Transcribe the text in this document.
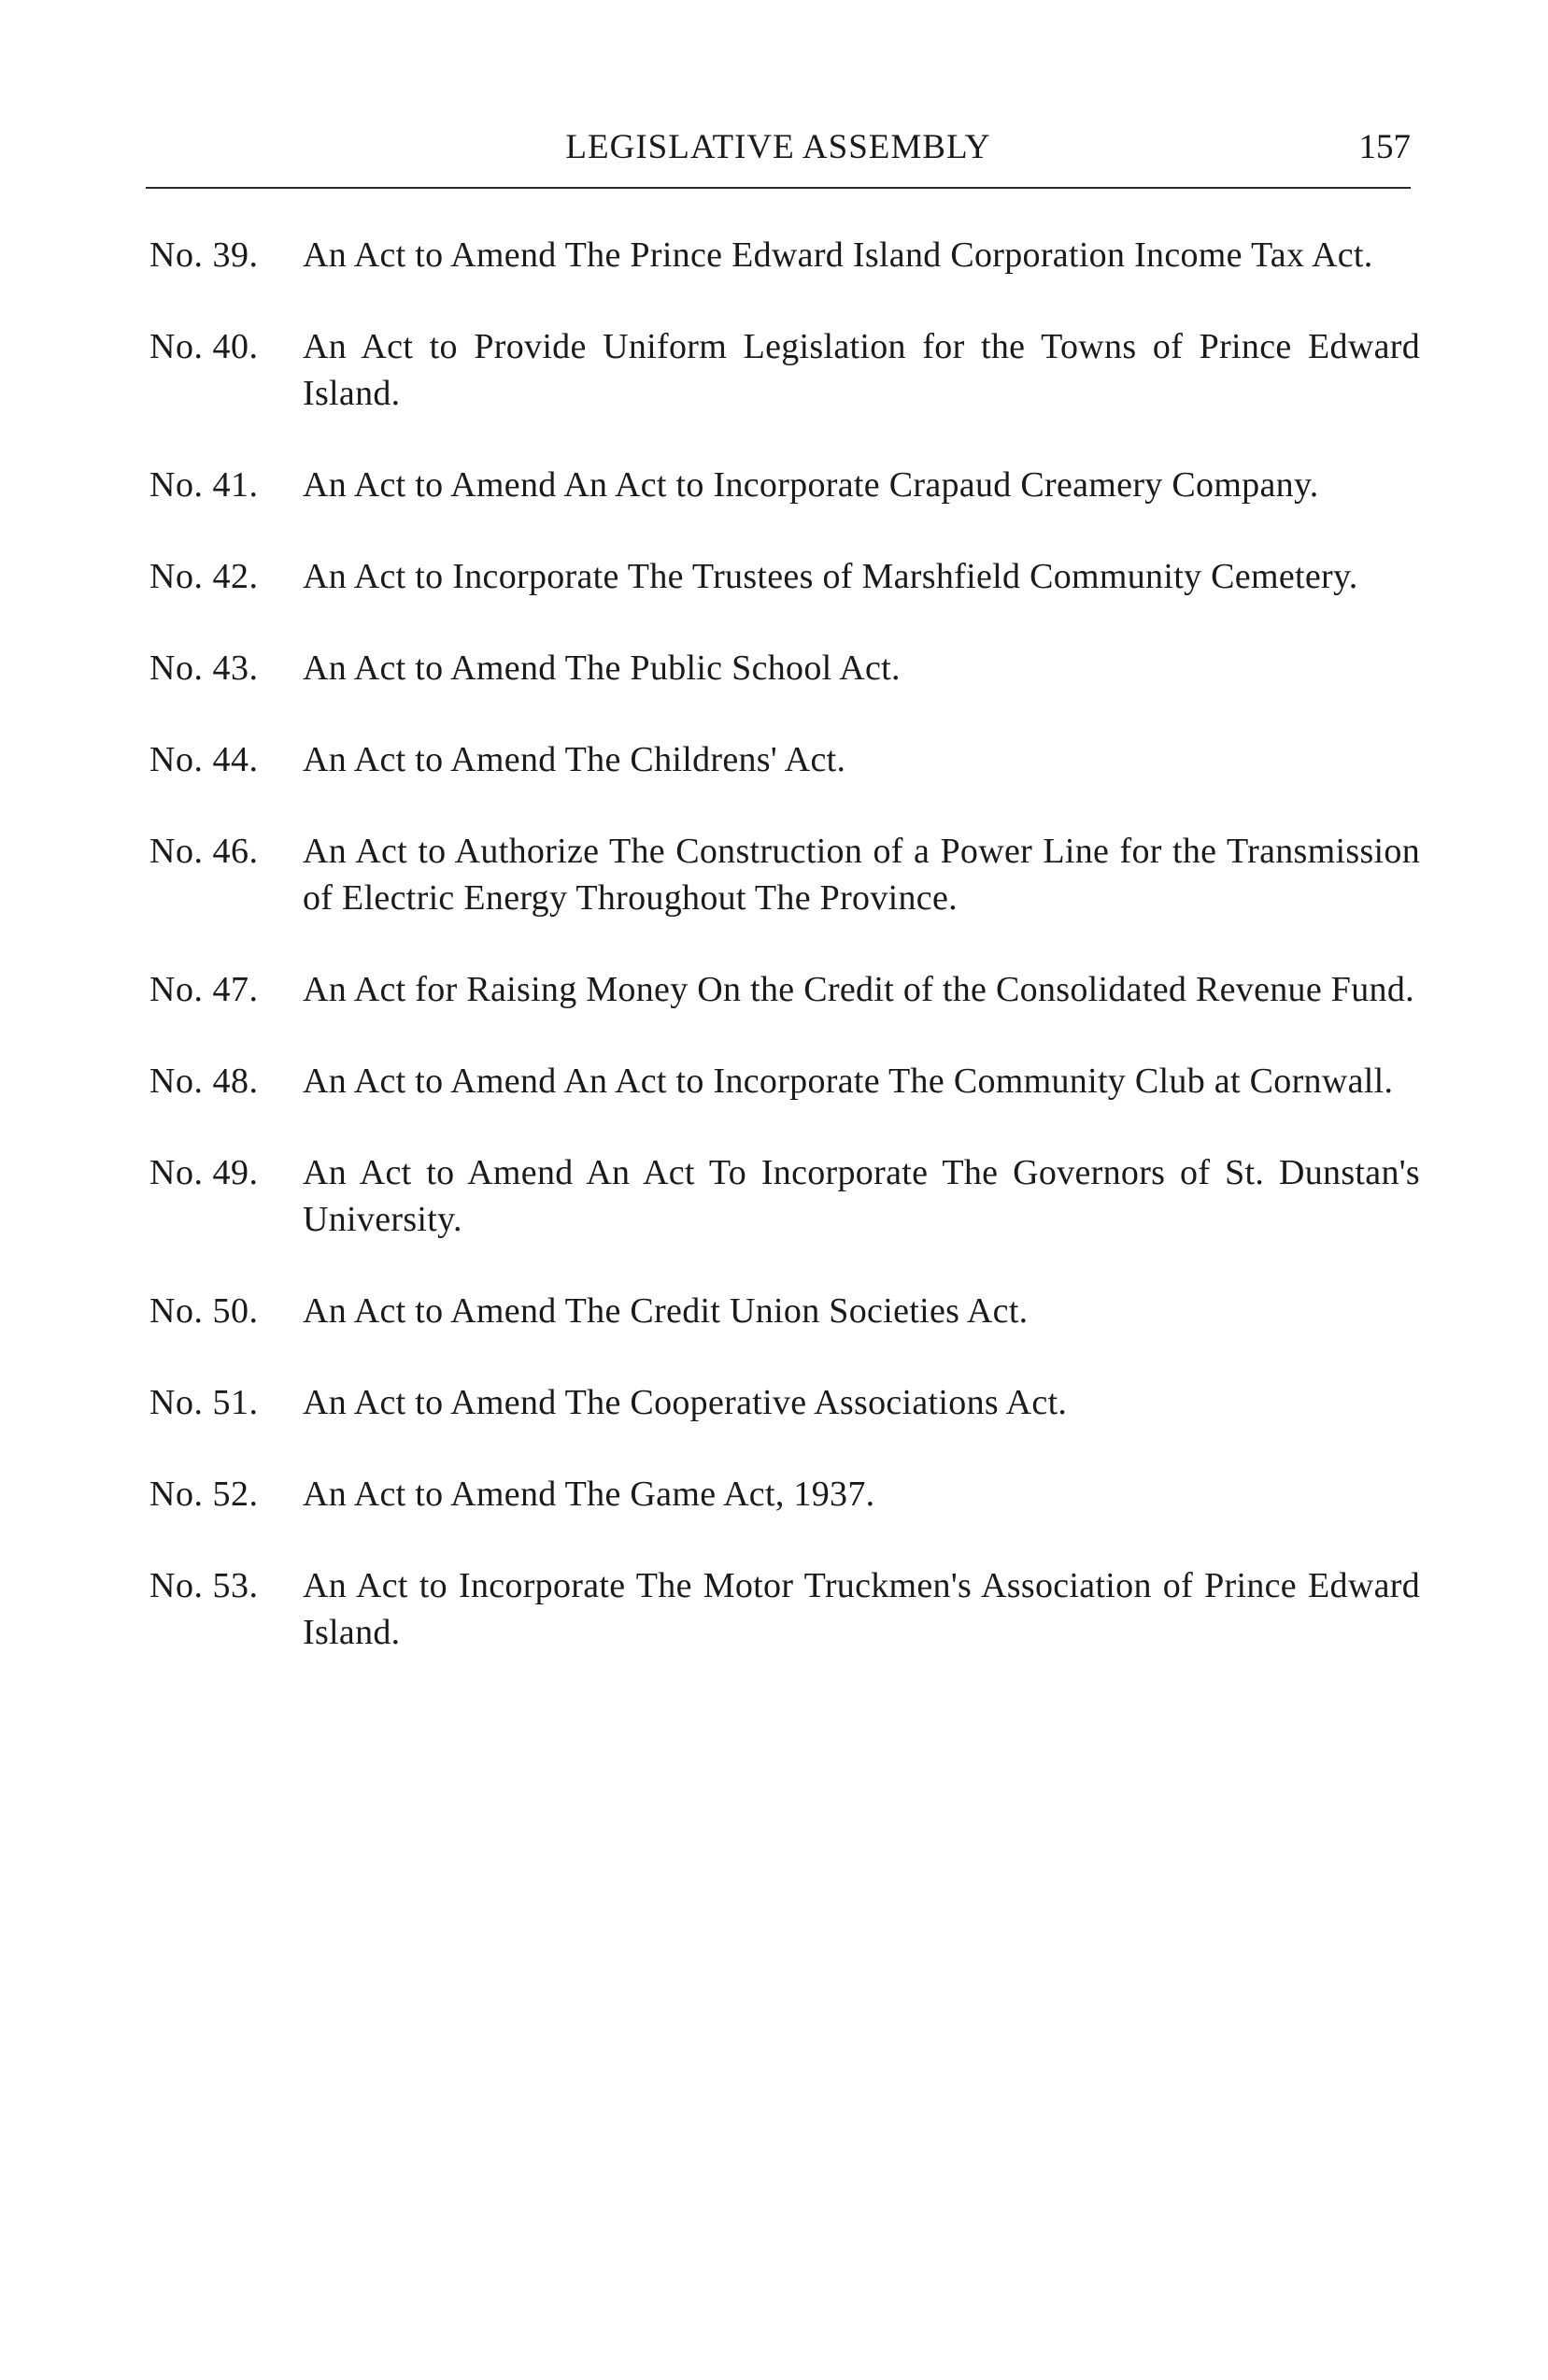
LEGISLATIVE ASSEMBLY	157
No. 39.	An Act to Amend The Prince Edward Island Corporation Income Tax Act.
No. 40.	An Act to Provide Uniform Legislation for the Towns of Prince Edward Island.
No. 41.	An Act to Amend An Act to Incorporate Crapaud Creamery Company.
No. 42.	An Act to Incorporate The Trustees of Marshfield Community Cemetery.
No. 43.	An Act to Amend The Public School Act.
No. 44.	An Act to Amend The Childrens' Act.
No. 46.	An Act to Authorize The Construction of a Power Line for the Transmission of Electric Energy Throughout The Province.
No. 47.	An Act for Raising Money On the Credit of the Consolidated Revenue Fund.
No. 48.	An Act to Amend An Act to Incorporate The Community Club at Cornwall.
No. 49.	An Act to Amend An Act To Incorporate The Governors of St. Dunstan's University.
No. 50.	An Act to Amend The Credit Union Societies Act.
No. 51.	An Act to Amend The Cooperative Associations Act.
No. 52.	An Act to Amend The Game Act, 1937.
No. 53.	An Act to Incorporate The Motor Truckmen's Association of Prince Edward Island.
